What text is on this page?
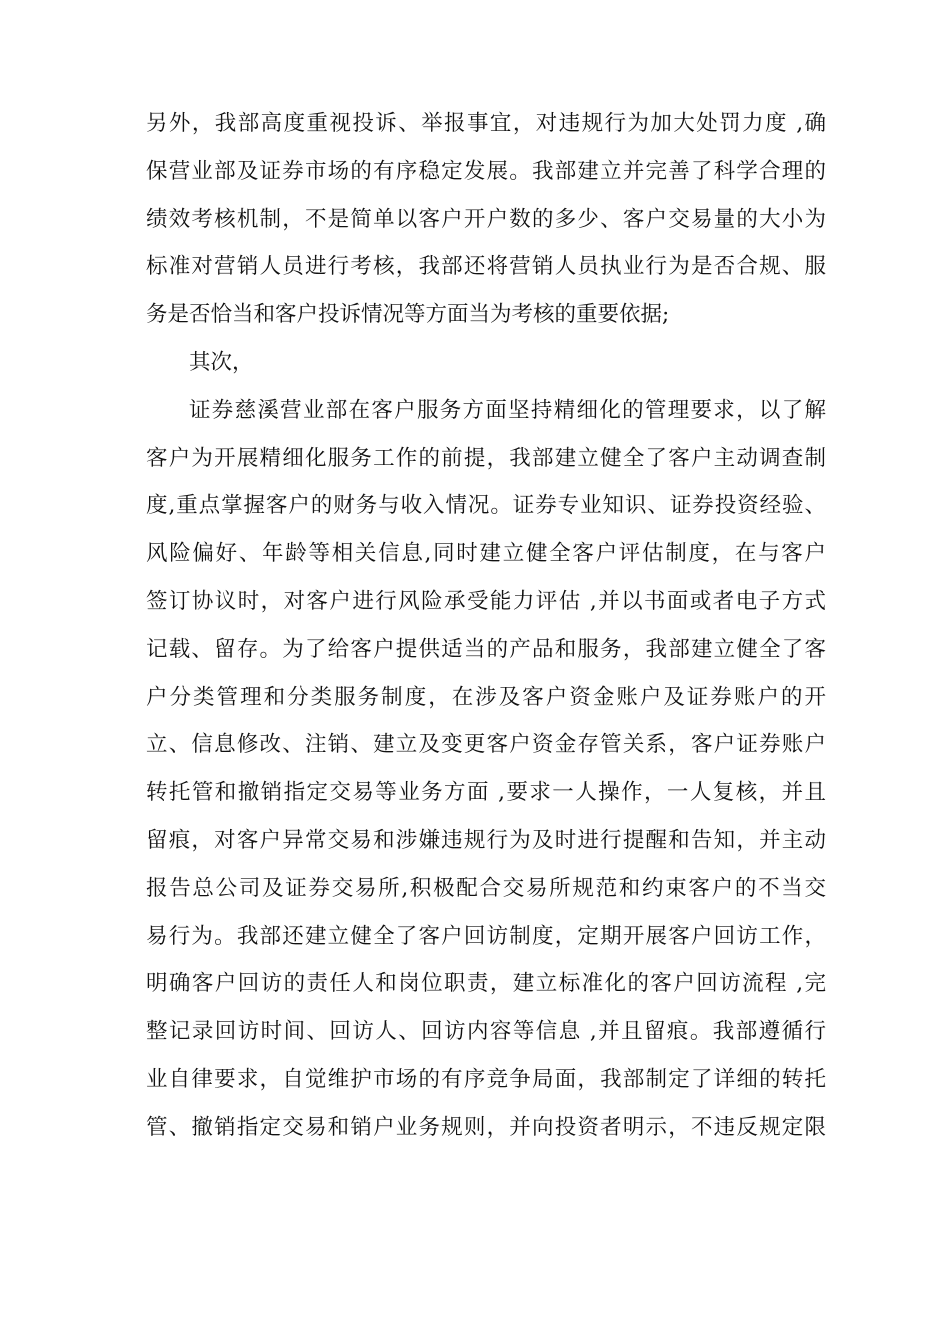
另外，我部高度重视投诉、举报事宜，对违规行为加大处罚力度 ,确
保营业部及证券市场的有序稳定发展。我部建立并完善了科学合理的
绩效考核机制，不是简单以客户开户数的多少、客户交易量的大小为
标准对营销人员进行考核，我部还将营销人员执业行为是否合规、服
务是否恰当和客户投诉情况等方面当为考核的重要依据;
其次，
证券慈溪营业部在客户服务方面坚持精细化的管理要求，以了解
客户为开展精细化服务工作的前提，我部建立健全了客户主动调查制
度,重点掌握客户的财务与收入情况。证券专业知识、证券投资经验、
风险偏好、年龄等相关信息,同时建立健全客户评估制度，在与客户
签订协议时，对客户进行风险承受能力评估 ,并以书面或者电子方式
记载、留存。为了给客户提供适当的产品和服务，我部建立健全了客
户分类管理和分类服务制度，在涉及客户资金账户及证券账户的开
立、信息修改、注销、建立及变更客户资金存管关系，客户证券账户
转托管和撤销指定交易等业务方面 ,要求一人操作，一人复核，并且
留痕，对客户异常交易和涉嫌违规行为及时进行提醒和告知，并主动
报告总公司及证券交易所,积极配合交易所规范和约束客户的不当交
易行为。我部还建立健全了客户回访制度，定期开展客户回访工作，
明确客户回访的责任人和岗位职责，建立标准化的客户回访流程 ,完
整记录回访时间、回访人、回访内容等信息 ,并且留痕。我部遵循行
业自律要求，自觉维护市场的有序竞争局面，我部制定了详细的转托
管、撤销指定交易和销户业务规则，并向投资者明示，不违反规定限
